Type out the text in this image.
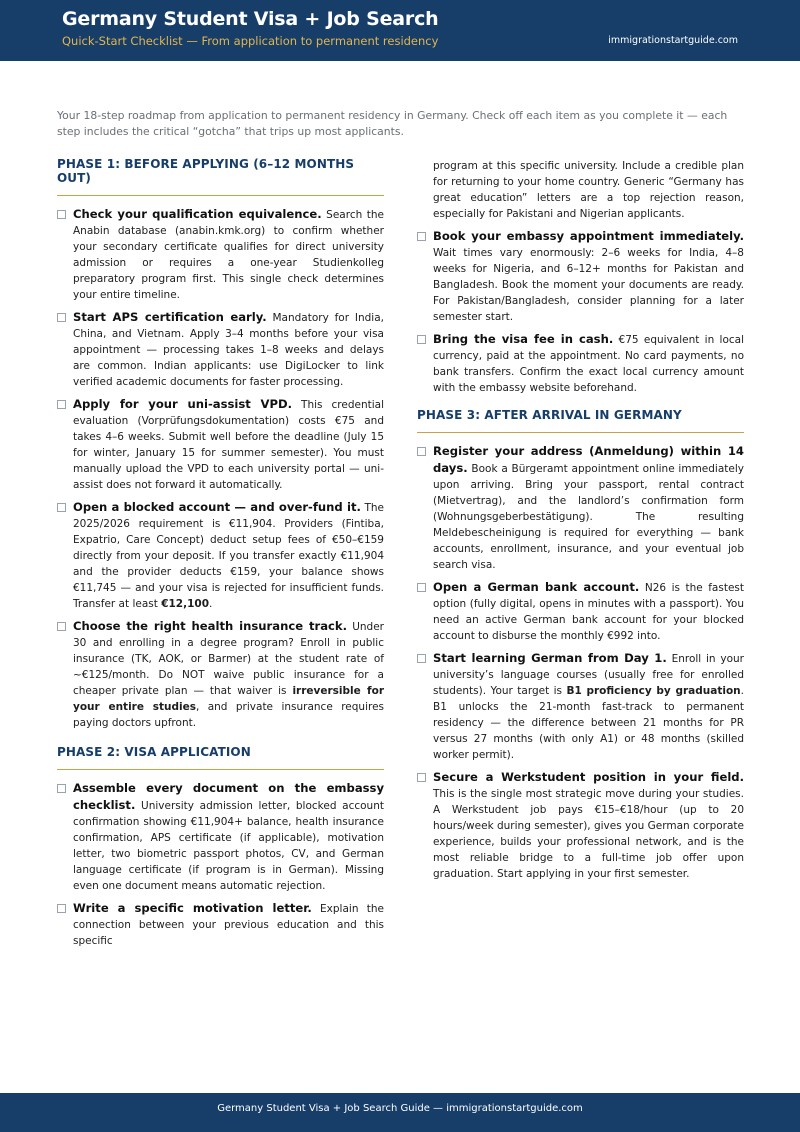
Germany Student Visa + Job Search
Quick-Start Checklist — From application to permanent residency	immigrationstartguide.com
Your 18-step roadmap from application to permanent residency in Germany. Check off each item as you complete it — each step includes the critical “gotcha” that trips up most applicants.
PHASE 1: BEFORE APPLYING (6–12 MONTHS OUT)
Check your qualification equivalence. Search the Anabin database (anabin.kmk.org) to confirm whether your secondary certificate qualifies for direct university admission or requires a one-year Studienkolleg preparatory program first. This single check determines your entire timeline.
Start APS certification early. Mandatory for India, China, and Vietnam. Apply 3–4 months before your visa appointment — processing takes 1–8 weeks and delays are common. Indian applicants: use DigiLocker to link verified academic documents for faster processing.
Apply for your uni-assist VPD. This credential evaluation (Vorprüfungsdokumentation) costs €75 and takes 4–6 weeks. Submit well before the deadline (July 15 for winter, January 15 for summer semester). You must manually upload the VPD to each university portal — uni-assist does not forward it automatically.
Open a blocked account — and over-fund it. The 2025/2026 requirement is €11,904. Providers (Fintiba, Expatrio, Care Concept) deduct setup fees of €50–€159 directly from your deposit. If you transfer exactly €11,904 and the provider deducts €159, your balance shows €11,745 — and your visa is rejected for insufficient funds. Transfer at least €12,100.
Choose the right health insurance track. Under 30 and enrolling in a degree program? Enroll in public insurance (TK, AOK, or Barmer) at the student rate of ~€125/month. Do NOT waive public insurance for a cheaper private plan — that waiver is irreversible for your entire studies, and private insurance requires paying doctors upfront.
PHASE 2: VISA APPLICATION
Assemble every document on the embassy checklist. University admission letter, blocked account confirmation showing €11,904+ balance, health insurance confirmation, APS certificate (if applicable), motivation letter, two biometric passport photos, CV, and German language certificate (if program is in German). Missing even one document means automatic rejection.
Write a specific motivation letter. Explain the connection between your previous education and this specific
program at this specific university. Include a credible plan for returning to your home country. Generic “Germany has great education” letters are a top rejection reason, especially for Pakistani and Nigerian applicants.
Book your embassy appointment immediately. Wait times vary enormously: 2–6 weeks for India, 4–8 weeks for Nigeria, and 6–12+ months for Pakistan and Bangladesh. Book the moment your documents are ready. For Pakistan/Bangladesh, consider planning for a later semester start.
Bring the visa fee in cash. €75 equivalent in local currency, paid at the appointment. No card payments, no bank transfers. Confirm the exact local currency amount with the embassy website beforehand.
PHASE 3: AFTER ARRIVAL IN GERMANY
Register your address (Anmeldung) within 14 days. Book a Bürgeramt appointment online immediately upon arriving. Bring your passport, rental contract (Mietvertrag), and the landlord’s confirmation form (Wohnungsgeberbestätigung). The resulting Meldebescheinigung is required for everything — bank accounts, enrollment, insurance, and your eventual job search visa.
Open a German bank account. N26 is the fastest option (fully digital, opens in minutes with a passport). You need an active German bank account for your blocked account to disburse the monthly €992 into.
Start learning German from Day 1. Enroll in your university’s language courses (usually free for enrolled students). Your target is B1 proficiency by graduation. B1 unlocks the 21-month fast-track to permanent residency — the difference between 21 months for PR versus 27 months (with only A1) or 48 months (skilled worker permit).
Secure a Werkstudent position in your field. This is the single most strategic move during your studies. A Werkstudent job pays €15–€18/hour (up to 20 hours/week during semester), gives you German corporate experience, builds your professional network, and is the most reliable bridge to a full-time job offer upon graduation. Start applying in your first semester.
Germany Student Visa + Job Search Guide — immigrationstartguide.com
